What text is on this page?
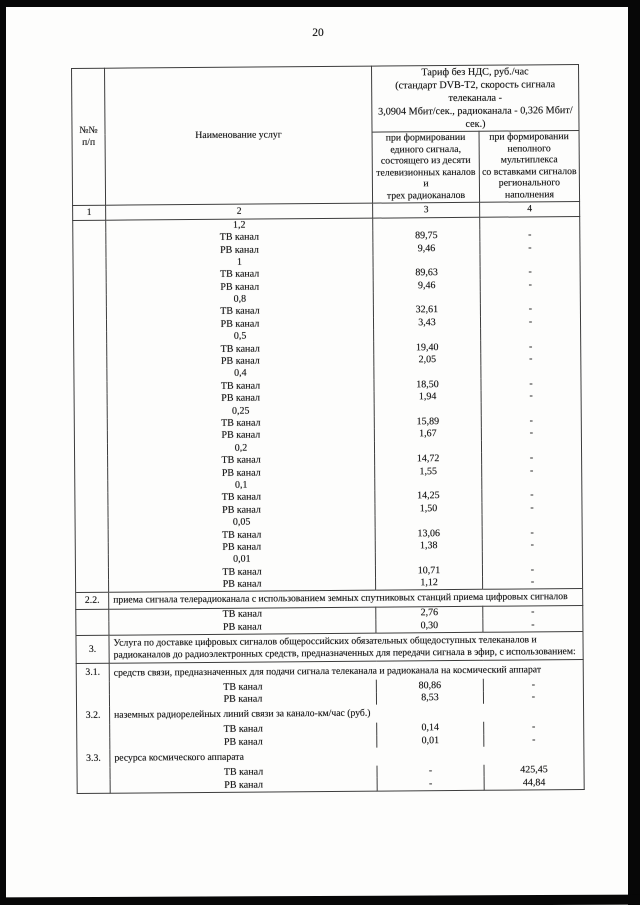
20
№№
п/п	Наименование услуг	Тариф без НДС, руб./час
(стандарт DVB-T2, скорость сигнала телеканала -
3,0904 Мбит/сек., радиоканала - 0,326 Мбит/сек.)	
		при формировании
единого сигнала,
состоящего из десяти
телевизионных каналов и
трех радиоканалов	при формировании
неполного мультиплекса
со вставками сигналов
регионального
наполнения
1	2	3	4
	1,2		
	ТВ канал	89,75	-
	РВ канал	9,46	-
	1		
	ТВ канал	89,63	-
	РВ канал	9,46	-
	0,8		
	ТВ канал	32,61	-
	РВ канал	3,43	-
	0,5		
	ТВ канал	19,40	-
	РВ канал	2,05	-
	0,4		
	ТВ канал	18,50	-
	РВ канал	1,94	-
	0,25		
	ТВ канал	15,89	-
	РВ канал	1,67	-
	0,2		
	ТВ канал	14,72	-
	РВ канал	1,55	-
	0,1		
	ТВ канал	14,25	-
	РВ канал	1,50	-
	0,05		
	ТВ канал	13,06	-
	РВ канал	1,38	-
	0,01		
	ТВ канал	10,71	-
	РВ канал	1,12	-
2.2.	приема сигнала телерадиоканала с использованием земных спутниковых станций приема цифровых сигналов		
	ТВ канал	2,76	-
	РВ канал	0,30	-
3.	Услуга по доставке цифровых сигналов общероссийских обязательных общедоступных телеканалов и радиоканалов до радиоэлектронных средств, предназначенных для передачи сигнала в эфир, с использованием:		
3.1.	средств связи, предназначенных для подачи сигнала телеканала и радиоканала на космический аппарат		
	ТВ канал	80,86	-
	РВ канал	8,53	-
3.2.	наземных радиорелейных линий связи за канало-км/час (руб.)		
	ТВ канал	0,14	-
	РВ канал	0,01	-
3.3.	ресурса космического аппарата		
	ТВ канал	-	425,45
	РВ канал	-	44,84
